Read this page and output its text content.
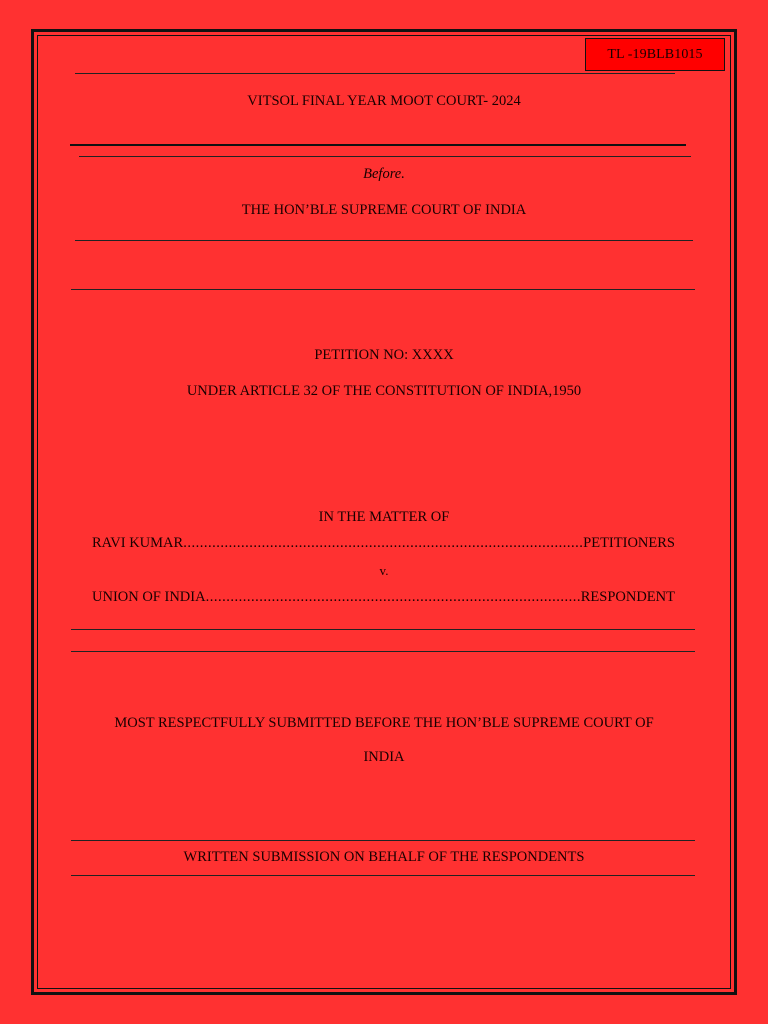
TL -19BLB1015
VITSOL FINAL YEAR MOOT COURT- 2024
Before.
THE HON’BLE SUPREME COURT OF INDIA
PETITION NO: XXXX
UNDER ARTICLE 32 OF THE CONSTITUTION OF INDIA,1950
IN THE MATTER OF
RAVI KUMAR .....	PETITIONERS
v.
UNION OF INDIA .....	RESPONDENT
MOST RESPECTFULLY SUBMITTED BEFORE THE HON’BLE SUPREME COURT OF
INDIA
WRITTEN SUBMISSION ON BEHALF OF THE RESPONDENTS
